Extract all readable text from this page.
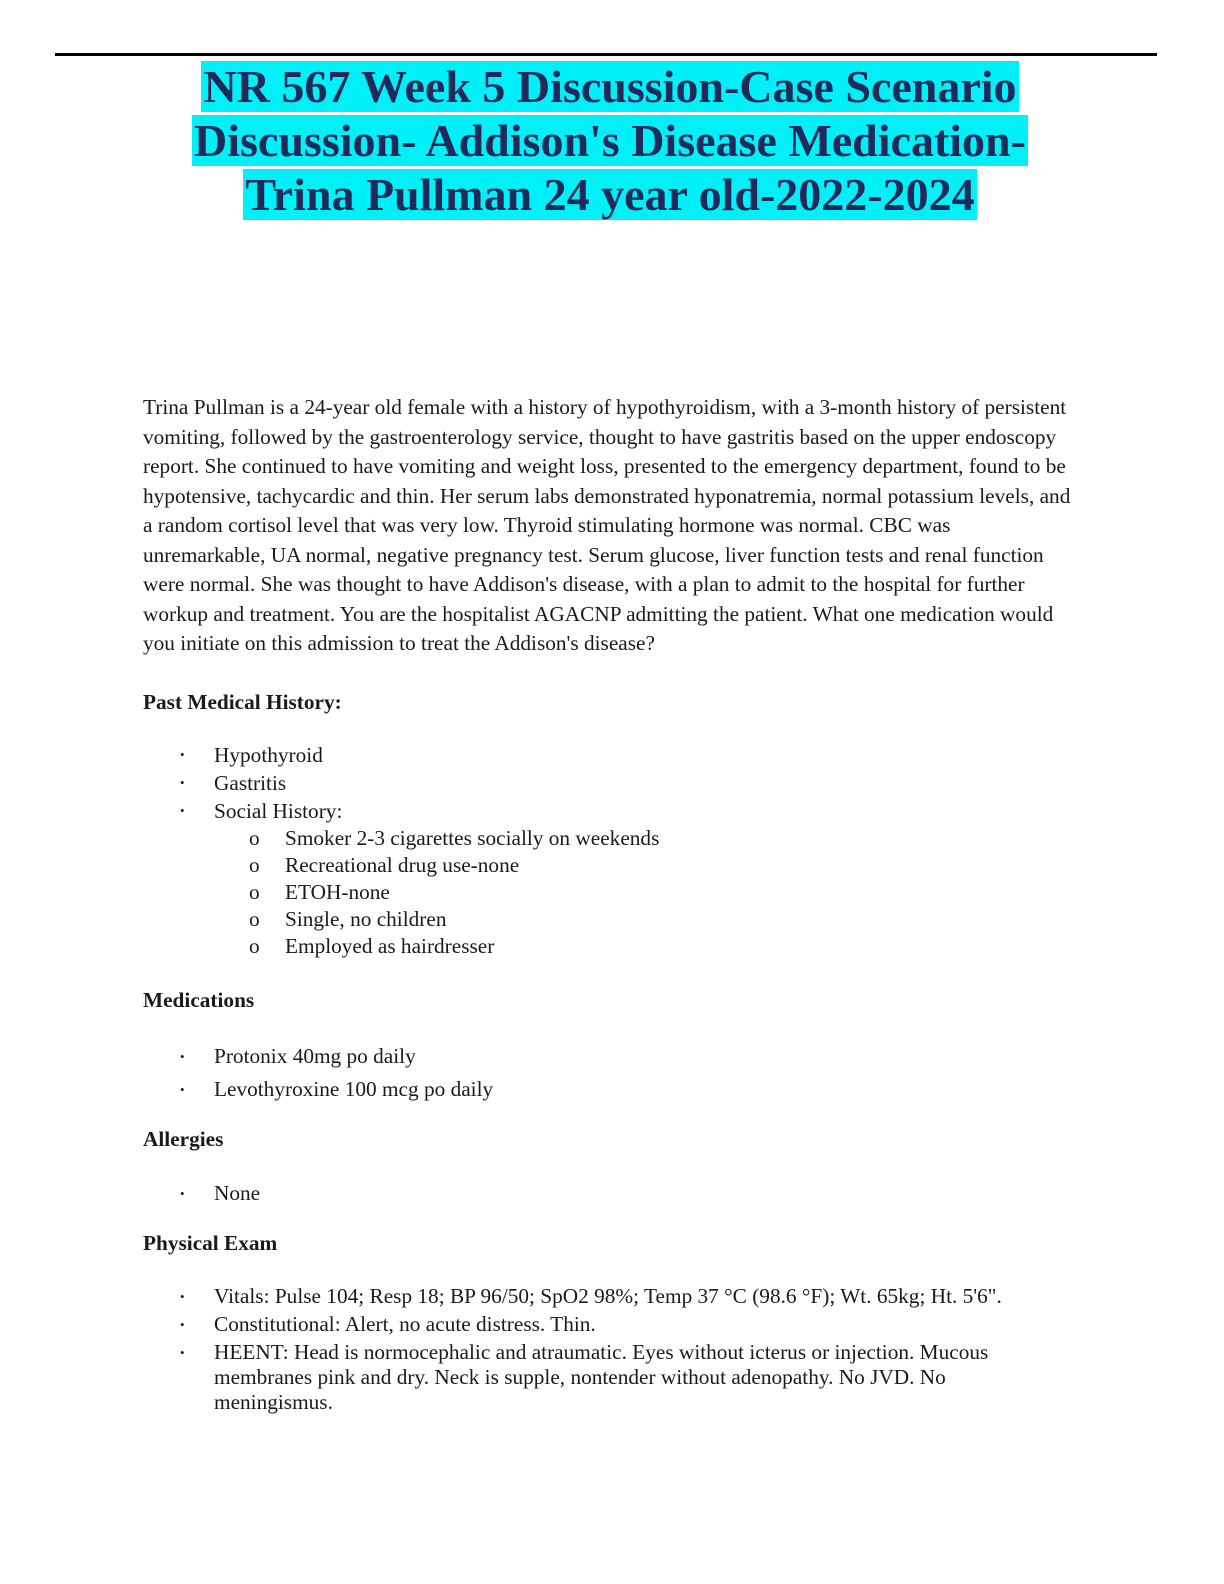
NR 567 Week 5 Discussion-Case Scenario
Discussion- Addison's Disease Medication-
Trina Pullman 24 year old-2022-2024

Trina Pullman is a 24-year old female with a history of hypothyroidism, with a 3-month history of persistent vomiting, followed by the gastroenterology service, thought to have gastritis based on the upper endoscopy report. She continued to have vomiting and weight loss, presented to the emergency department, found to be hypotensive, tachycardic and thin. Her serum labs demonstrated hyponatremia, normal potassium levels, and a random cortisol level that was very low. Thyroid stimulating hormone was normal. CBC was unremarkable, UA normal, negative pregnancy test. Serum glucose, liver function tests and renal function were normal. She was thought to have Addison's disease, with a plan to admit to the hospital for further workup and treatment. You are the hospitalist AGACNP admitting the patient. What one medication would you initiate on this admission to treat the Addison's disease?

Past Medical History:

• Hypothyroid
• Gastritis
• Social History:
o Smoker 2-3 cigarettes socially on weekends
o Recreational drug use-none
o ETOH-none
o Single, no children
o Employed as hairdresser

Medications

• Protonix 40mg po daily
• Levothyroxine 100 mcg po daily

Allergies

• None

Physical Exam

• Vitals: Pulse 104; Resp 18; BP 96/50; SpO2 98%; Temp 37 °C (98.6 °F); Wt. 65kg; Ht. 5'6".
• Constitutional: Alert, no acute distress. Thin.
• HEENT: Head is normocephalic and atraumatic. Eyes without icterus or injection. Mucous membranes pink and dry. Neck is supple, nontender without adenopathy. No JVD. No meningismus.
